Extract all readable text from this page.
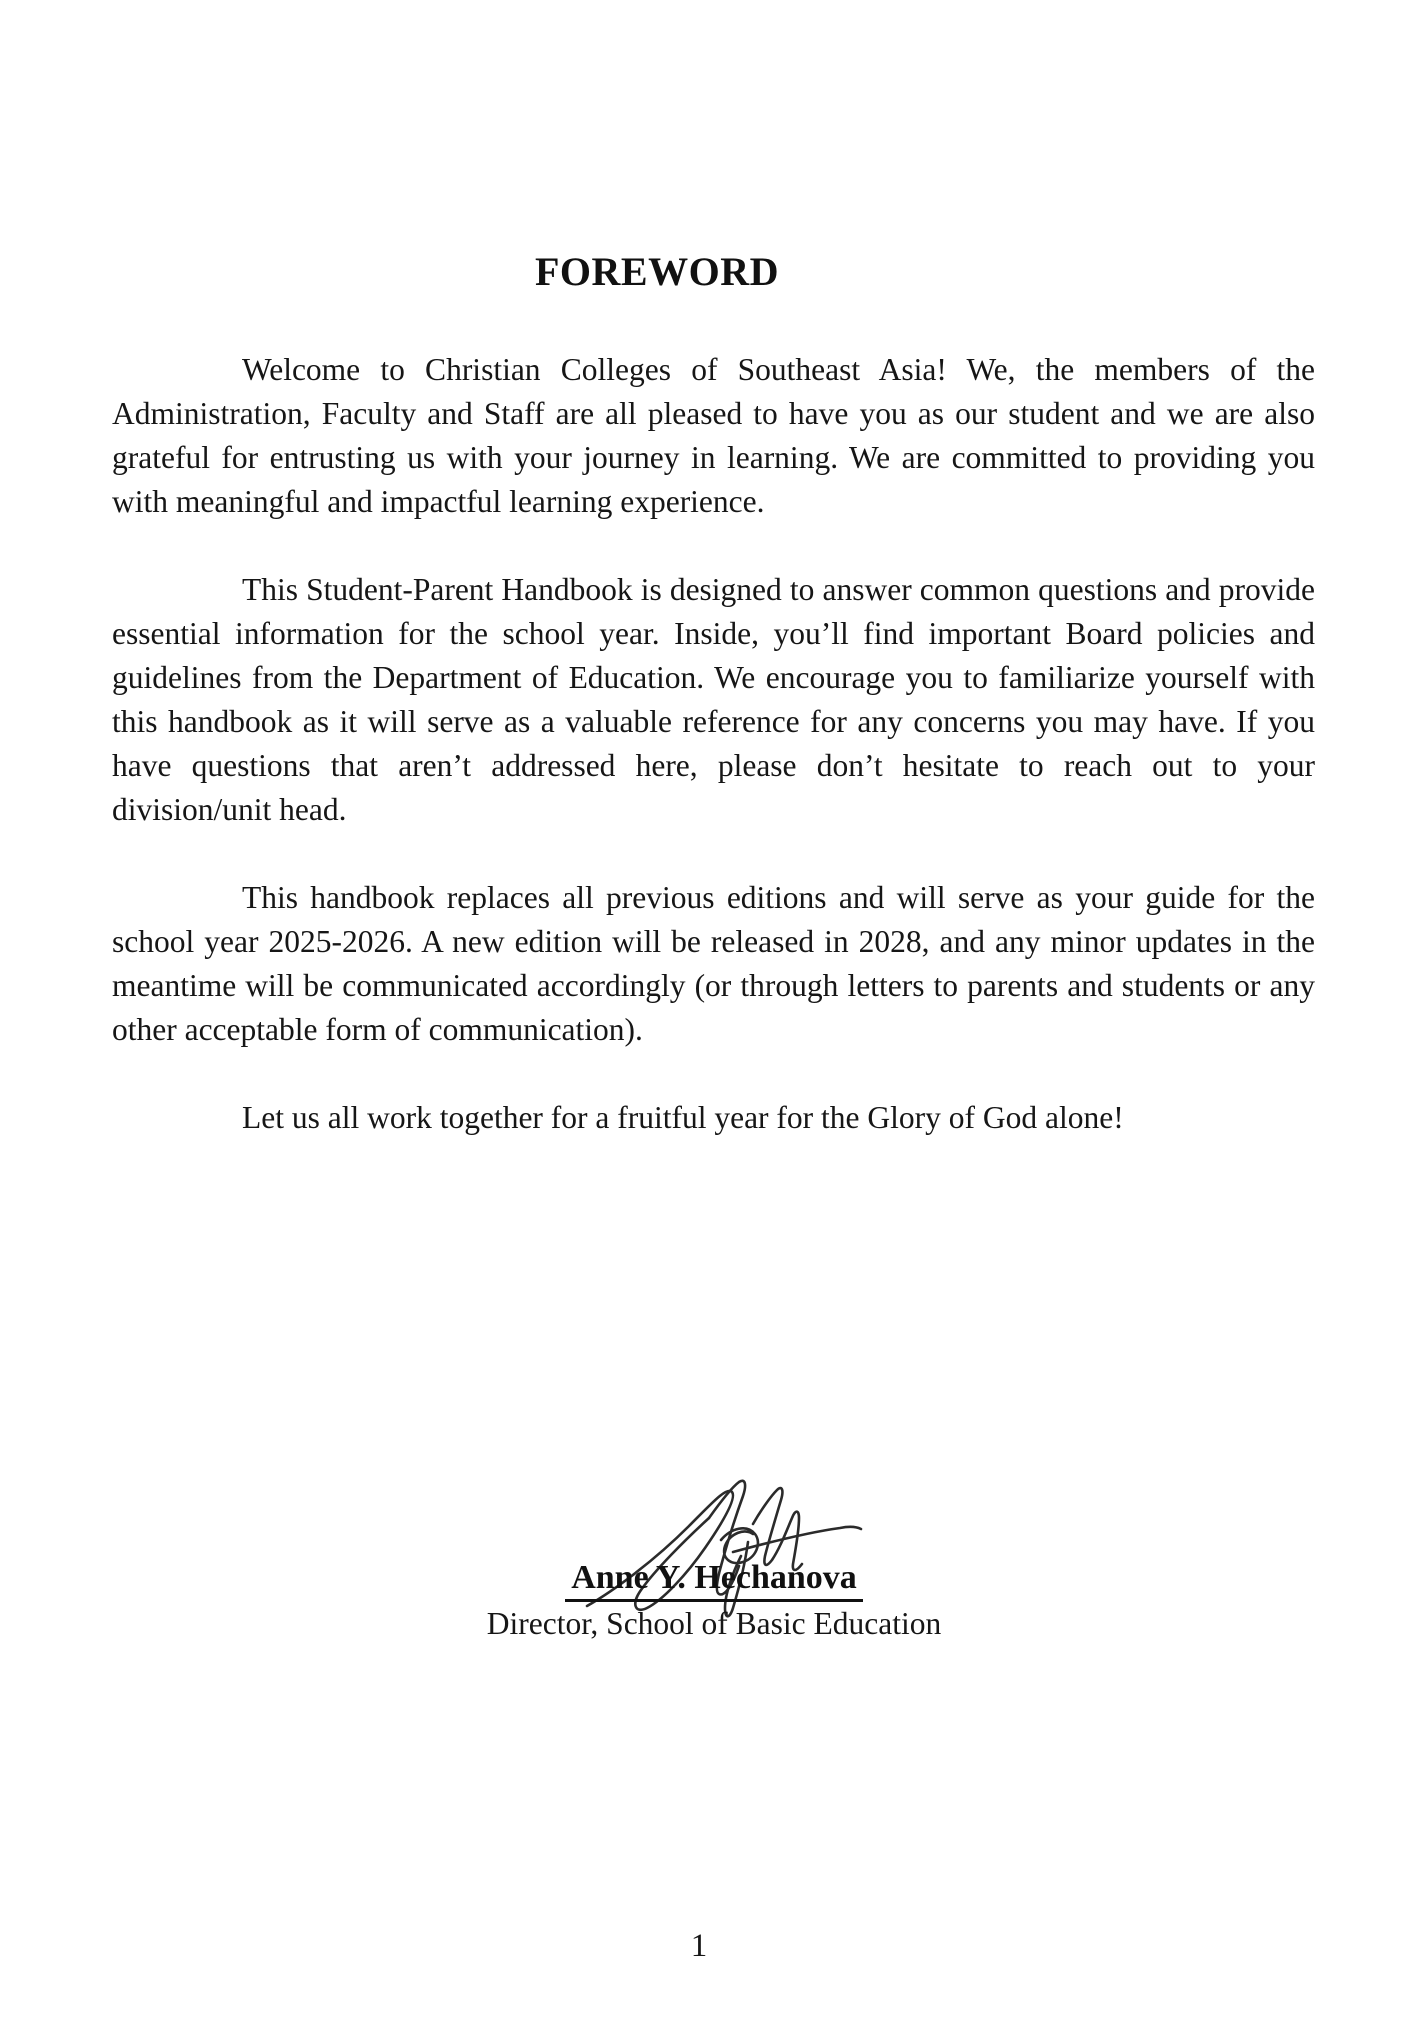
FOREWORD

Welcome to Christian Colleges of Southeast Asia! We, the members of the Administration, Faculty and Staff are all pleased to have you as our student and we are also grateful for entrusting us with your journey in learning. We are committed to providing you with meaningful and impactful learning experience.

This Student-Parent Handbook is designed to answer common questions and provide essential information for the school year. Inside, you’ll find important Board policies and guidelines from the Department of Education. We encourage you to familiarize yourself with this handbook as it will serve as a valuable reference for any concerns you may have. If you have questions that aren’t addressed here, please don’t hesitate to reach out to your division/unit head.

This handbook replaces all previous editions and will serve as your guide for the school year 2025-2026. A new edition will be released in 2028, and any minor updates in the meantime will be communicated accordingly (or through letters to parents and students or any other acceptable form of communication).

Let us all work together for a fruitful year for the Glory of God alone!

Anne Y. Hechanova
Director, School of Basic Education
1
